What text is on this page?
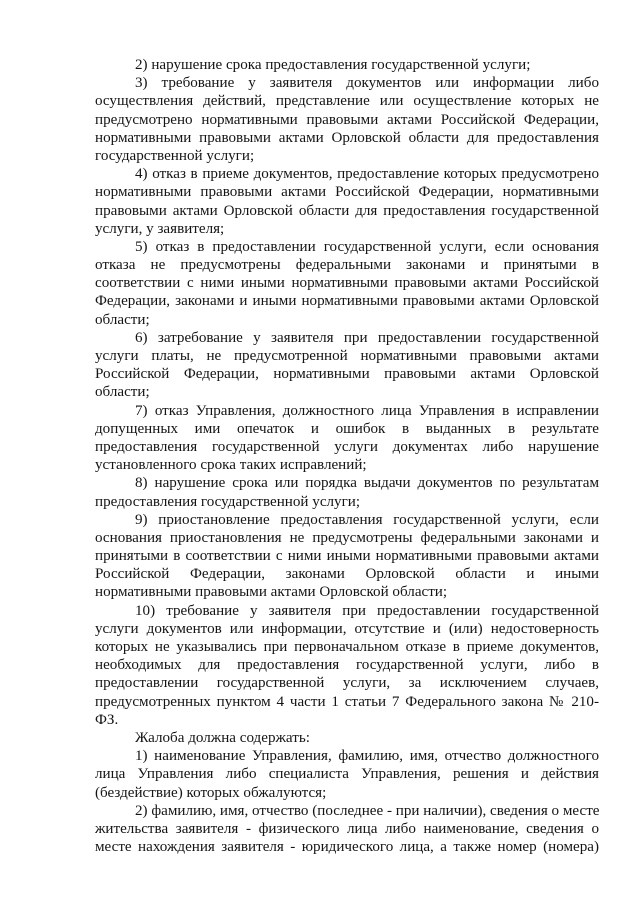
2) нарушение срока предоставления государственной услуги;
3) требование у заявителя документов или информации либо
осуществления действий, представление или осуществление которых не
предусмотрено нормативными правовыми актами Российской Федерации,
нормативными правовыми актами Орловской области для предоставления
государственной услуги;
4) отказ в приеме документов, предоставление которых предусмотрено
нормативными правовыми актами Российской Федерации, нормативными
правовыми актами Орловской области для предоставления государственной
услуги, у заявителя;
5) отказ в предоставлении государственной услуги, если основания
отказа не предусмотрены федеральными законами и принятыми в
соответствии с ними иными нормативными правовыми актами Российской
Федерации, законами и иными нормативными правовыми актами Орловской
области;
6) затребование у заявителя при предоставлении государственной
услуги платы, не предусмотренной нормативными правовыми актами
Российской Федерации, нормативными правовыми актами Орловской
области;
7) отказ Управления, должностного лица Управления в исправлении
допущенных ими опечаток и ошибок в выданных в результате
предоставления государственной услуги документах либо нарушение
установленного срока таких исправлений;
8) нарушение срока или порядка выдачи документов по результатам
предоставления государственной услуги;
9) приостановление предоставления государственной услуги, если
основания приостановления не предусмотрены федеральными законами и
принятыми в соответствии с ними иными нормативными правовыми актами
Российской Федерации, законами Орловской области и иными
нормативными правовыми актами Орловской области;
10) требование у заявителя при предоставлении государственной
услуги документов или информации, отсутствие и (или) недостоверность
которых не указывались при первоначальном отказе в приеме документов,
необходимых для предоставления государственной услуги, либо в
предоставлении государственной услуги, за исключением случаев,
предусмотренных пунктом 4 части 1 статьи 7 Федерального закона № 210-
ФЗ.
Жалоба должна содержать:
1) наименование Управления, фамилию, имя, отчество должностного
лица Управления либо специалиста Управления, решения и действия
(бездействие) которых обжалуются;
2) фамилию, имя, отчество (последнее - при наличии), сведения о месте
жительства заявителя - физического лица либо наименование, сведения о
месте нахождения заявителя - юридического лица, а также номер (номера)
